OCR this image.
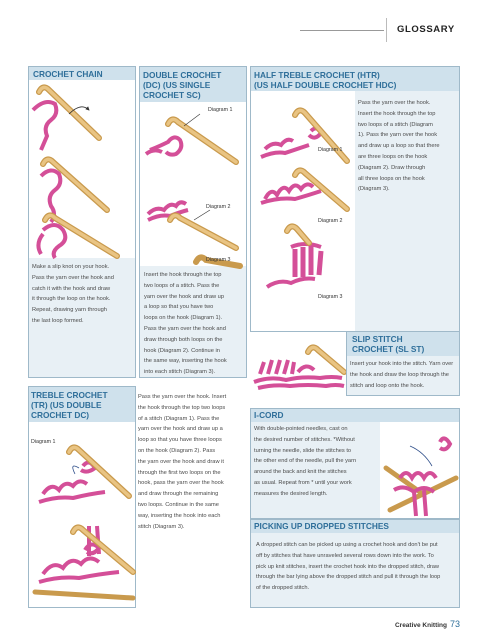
GLOSSARY
CROCHET CHAIN
Make a slip knot on your hook.
Pass the yarn over the hook and
catch it with the hook and draw
it through the loop on the hook.
Repeat, drawing yarn through
the last loop formed.
DOUBLE CROCHET
(DC) (US SINGLE
CROCHET SC)
Diagram 1
Diagram 2
Diagram 3
Insert the hook through the top
two loops of a stitch. Pass the
yarn over the hook and draw up
a loop so that you have two
loops on the hook (Diagram 1).
Pass the yarn over the hook and
draw through both loops on the
hook (Diagram 2). Continue in
the same way, inserting the hook
into each stitch (Diagram 3).
HALF TREBLE CROCHET (HTR)
(US HALF DOUBLE CROCHET HDC)
Diagram 1
Diagram 2
Diagram 3
Pass the yarn over the hook.
Insert the hook through the top
two loops of a stitch (Diagram
1). Pass the yarn over the hook
and draw up a loop so that there
are three loops on the hook
(Diagram 2). Draw through
all three loops on the hook
(Diagram 3).
SLIP STITCH
CROCHET (SL ST)
Insert your hook into the stitch. Yarn over
the hook and draw the loop through the
stitch and loop onto the hook.
TREBLE CROCHET
(TR) (US DOUBLE
CROCHET DC)
Diagram 1
Pass the yarn over the hook. Insert
the hook through the top two loops
of a stitch (Diagram 1). Pass the
yarn over the hook and draw up a
loop so that you have three loops
on the hook (Diagram 2). Pass
the yarn over the hook and draw it
through the first two loops on the
hook, pass the yarn over the hook
and draw through the remaining
two loops. Continue in the same
way, inserting the hook into each
stitch (Diagram 3).
I-CORD
With double-pointed needles, cast on
the desired number of stitches. *Without
turning the needle, slide the stitches to
the other end of the needle, pull the yarn
around the back and knit the stitches
as usual. Repeat from * until your work
measures the desired length.
PICKING UP DROPPED STITCHES
A dropped stitch can be picked up using a crochet hook and don't be put
off by stitches that have unraveled several rows down into the work. To
pick up knit stitches, insert the crochet hook into the dropped stitch, draw
through the bar lying above the dropped stitch and pull it through the loop
of the dropped stitch.
Creative Knitting 73
